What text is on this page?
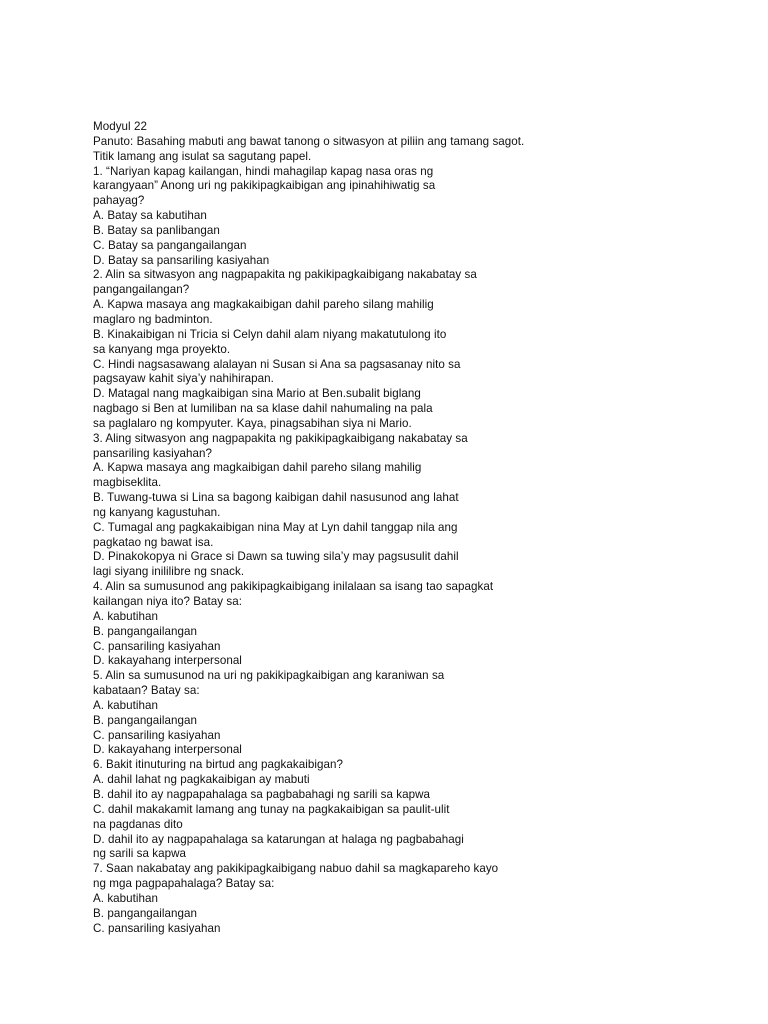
Modyul 22
Panuto: Basahing mabuti ang bawat tanong o sitwasyon at piliin ang tamang sagot.
Titik lamang ang isulat sa sagutang papel.
1. “Nariyan kapag kailangan, hindi mahagilap kapag nasa oras ng
karangyaan” Anong uri ng pakikipagkaibigan ang ipinahihiwatig sa
pahayag?
A. Batay sa kabutihan
B. Batay sa panlibangan
C. Batay sa pangangailangan
D. Batay sa pansariling kasiyahan
2. Alin sa sitwasyon ang nagpapakita ng pakikipagkaibigang nakabatay sa
pangangailangan?
A. Kapwa masaya ang magkakaibigan dahil pareho silang mahilig
maglaro ng badminton.
B. Kinakaibigan ni Tricia si Celyn dahil alam niyang makatutulong ito
sa kanyang mga proyekto.
C. Hindi nagsasawang alalayan ni Susan si Ana sa pagsasanay nito sa
pagsayaw kahit siya’y nahihirapan.
D. Matagal nang magkaibigan sina Mario at Ben.subalit biglang
nagbago si Ben at lumiliban na sa klase dahil nahumaling na pala
sa paglalaro ng kompyuter. Kaya, pinagsabihan siya ni Mario.
3. Aling sitwasyon ang nagpapakita ng pakikipagkaibigang nakabatay sa
pansariling kasiyahan?
A. Kapwa masaya ang magkaibigan dahil pareho silang mahilig
magbiseklita.
B. Tuwang-tuwa si Lina sa bagong kaibigan dahil nasusunod ang lahat
ng kanyang kagustuhan.
C. Tumagal ang pagkakaibigan nina May at Lyn dahil tanggap nila ang
pagkatao ng bawat isa.
D. Pinakokopya ni Grace si Dawn sa tuwing sila’y may pagsusulit dahil
lagi siyang inililibre ng snack.
4. Alin sa sumusunod ang pakikipagkaibigang inilalaan sa isang tao sapagkat
kailangan niya ito? Batay sa:
A. kabutihan
B. pangangailangan
C. pansariling kasiyahan
D. kakayahang interpersonal
5. Alin sa sumusunod na uri ng pakikipagkaibigan ang karaniwan sa
kabataan? Batay sa:
A. kabutihan
B. pangangailangan
C. pansariling kasiyahan
D. kakayahang interpersonal
6. Bakit itinuturing na birtud ang pagkakaibigan?
A. dahil lahat ng pagkakaibigan ay mabuti
B. dahil ito ay nagpapahalaga sa pagbabahagi ng sarili sa kapwa
C. dahil makakamit lamang ang tunay na pagkakaibigan sa paulit-ulit
na pagdanas dito
D. dahil ito ay nagpapahalaga sa katarungan at halaga ng pagbabahagi
ng sarili sa kapwa
7. Saan nakabatay ang pakikipagkaibigang nabuo dahil sa magkapareho kayo
ng mga pagpapahalaga? Batay sa:
A. kabutihan
B. pangangailangan
C. pansariling kasiyahan
